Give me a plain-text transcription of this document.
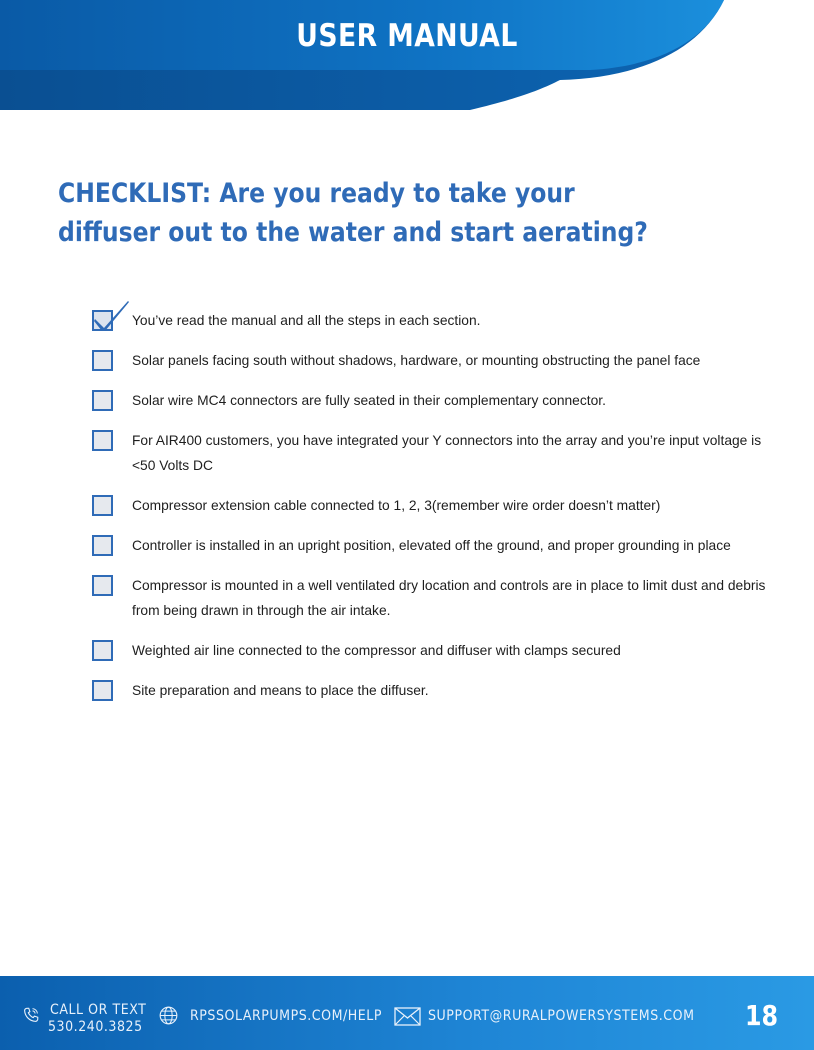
USER MANUAL
CHECKLIST: Are you ready to take your diffuser out to the water and start aerating?
You’ve read the manual and all the steps in each section.
Solar panels facing south without shadows, hardware, or mounting obstructing the panel face
Solar wire MC4 connectors are fully seated in their complementary connector.
For AIR400 customers, you have integrated your Y connectors into the array and you’re input voltage is <50 Volts DC
Compressor extension cable connected to 1, 2, 3(remember wire order doesn’t matter)
Controller is installed in an upright position, elevated off the ground, and proper grounding in place
Compressor is mounted in a well ventilated dry location and controls are in place to limit dust and debris from being drawn in through the air intake.
Weighted air line connected to the compressor and diffuser with clamps secured
Site preparation and means to place the diffuser.
CALL OR TEXT
530.240.3825
RPSSOLARPUMPS.COM/HELP	SUPPORT@RURALPOWERSYSTEMS.COM 18
